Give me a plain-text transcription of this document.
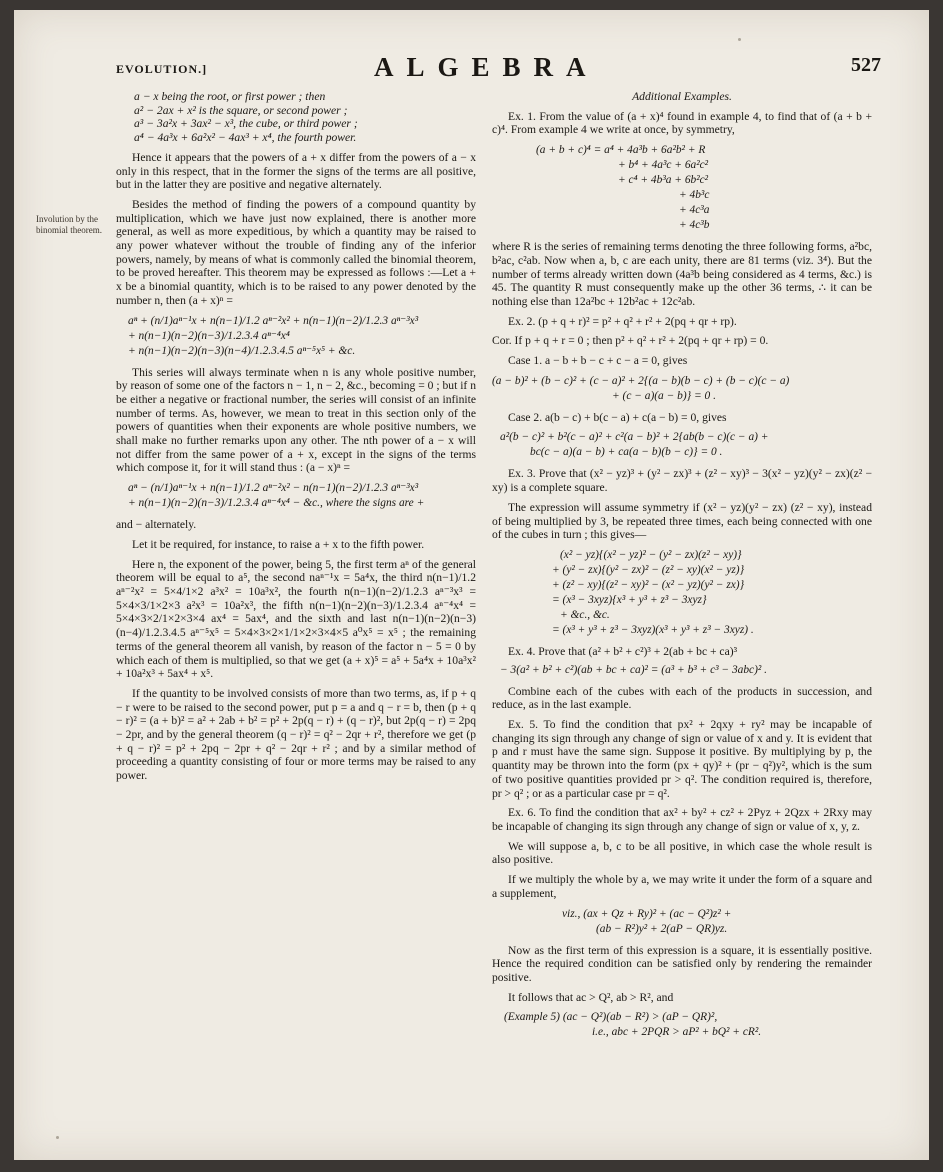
EVOLUTION.]	ALGEBRA	527
Involution by the binomial theorem.
a − x being the root, or first power ; then
a² − 2ax + x² is the square, or second power ;
a³ − 3a²x + 3ax² − x³, the cube, or third power ;
a⁴ − 4a³x + 6a²x² − 4ax³ + x⁴, the fourth power.

Hence it appears that the powers of a + x differ from the powers of a − x only in this respect, that in the former the signs of the terms are all positive, but in the latter they are positive and negative alternately.

Besides the method of finding the powers of a compound quantity by multiplication, which we have just now explained, there is another more general, as well as more expeditious, by which a quantity may be raised to any power whatever without the trouble of finding any of the inferior powers, namely, by means of what is commonly called the binomial theorem, to be proved hereafter. This theorem may be expressed as follows :—Let a + x be a binomial quantity, which is to be raised to any power denoted by the number n, then (a + x)ⁿ =

aⁿ + (n/1)aⁿ⁻¹x + n(n−1)/1.2 aⁿ⁻²x² + n(n−1)(n−2)/1.2.3 aⁿ⁻³x³
+ n(n−1)(n−2)(n−3)/1.2.3.4 aⁿ⁻⁴x⁴
+ n(n−1)(n−2)(n−3)(n−4)/1.2.3.4.5 aⁿ⁻⁵x⁵ + &c.

This series will always terminate when n is any whole positive number, by reason of some one of the factors n − 1, n − 2, &c., becoming = 0 ; but if n be either a negative or fractional number, the series will consist of an infinite number of terms. As, however, we mean to treat in this section only of the powers of quantities when their exponents are whole positive numbers, we shall make no further remarks upon any other. The nth power of a − x will not differ from the same power of a + x, except in the signs of the terms which compose it, for it will stand thus : (a − x)ⁿ =

aⁿ − (n/1)aⁿ⁻¹x + n(n−1)/1.2 aⁿ⁻²x² − n(n−1)(n−2)/1.2.3 aⁿ⁻³x³
+ n(n−1)(n−2)(n−3)/1.2.3.4 aⁿ⁻⁴x⁴ − &c., where the signs are +

and − alternately.

Let it be required, for instance, to raise a + x to the fifth power.

Here n, the exponent of the power, being 5, the first term aⁿ of the general theorem will be equal to a⁵, the second naⁿ⁻¹x = 5a⁴x, the third n(n−1)/1.2 aⁿ⁻²x² = 5×4/1×2 a³x² = 10a³x², the fourth n(n−1)(n−2)/1.2.3 aⁿ⁻³x³ = 5×4×3/1×2×3 a²x³ = 10a²x³, the fifth n(n−1)(n−2)(n−3)/1.2.3.4 aⁿ⁻⁴x⁴ = 5×4×3×2/1×2×3×4 ax⁴ = 5ax⁴, and the sixth and last n(n−1)(n−2)(n−3)(n−4)/1.2.3.4.5 aⁿ⁻⁵x⁵ = 5×4×3×2×1/1×2×3×4×5 a⁰x⁵ = x⁵ ; the remaining terms of the general theorem all vanish, by reason of the factor n − 5 = 0 by which each of them is multiplied, so that we get (a + x)⁵ = a⁵ + 5a⁴x + 10a³x² + 10a²x³ + 5ax⁴ + x⁵.

If the quantity to be involved consists of more than two terms, as, if p + q − r were to be raised to the second power, put p = a and q − r = b, then (p + q − r)² = (a + b)² = a² + 2ab + b² = p² + 2p(q − r) + (q − r)², but 2p(q − r) = 2pq − 2pr, and by the general theorem (q − r)² = q² − 2qr + r², therefore we get (p + q − r)² = p² + 2pq − 2pr + q² − 2qr + r² ; and by a similar method of proceeding a quantity consisting of four or more terms may be raised to any power.

Additional Examples.

Ex. 1. From the value of (a + x)⁴ found in example 4, to find that of (a + b + c)⁴. From example 4 we write at once, by symmetry,

(a + b + c)⁴ = a⁴ + 4a³b + 6a²b² + R
+ b⁴ + 4a³c + 6a²c²
+ c⁴ + 4b³a + 6b²c²
+ 4b³c
+ 4c³a
+ 4c³b

where R is the series of remaining terms denoting the three following forms, a²bc, b²ac, c²ab. Now when a, b, c are each unity, there are 81 terms (viz. 3⁴). But the number of terms already written down (4a³b being considered as 4 terms, &c.) is 45. The quantity R must consequently make up the other 36 terms, ∴ it can be nothing else than 12a²bc + 12b²ac + 12c²ab.

Ex. 2. (p + q + r)² = p² + q² + r² + 2(pq + qr + rp).

Cor. If p + q + r = 0 ; then p² + q² + r² + 2(pq + qr + rp) = 0.

Case 1. a − b + b − c + c − a = 0, gives

(a − b)² + (b − c)² + (c − a)² + 2{(a − b)(b − c) + (b − c)(c − a)
+ (c − a)(a − b)} = 0 .

Case 2. a(b − c) + b(c − a) + c(a − b) = 0, gives

a²(b − c)² + b²(c − a)² + c²(a − b)² + 2{ab(b − c)(c − a) +
bc(c − a)(a − b) + ca(a − b)(b − c)} = 0 .

Ex. 3. Prove that (x² − yz)³ + (y² − zx)³ + (z² − xy)³ − 3(x² − yz)(y² − zx)(z² − xy) is a complete square.

The expression will assume symmetry if (x² − yz)(y² − zx) (z² − xy), instead of being multiplied by 3, be repeated three times, each being connected with one of the cubes in turn ; this gives—

(x² − yz){(x² − yz)² − (y² − zx)(z² − xy)}
+ (y² − zx){(y² − zx)² − (z² − xy)(x² − yz)}
+ (z² − xy){(z² − xy)² − (x² − yz)(y² − zx)}
= (x³ − 3xyz){x³ + y³ + z³ − 3xyz}
+ &c., &c.
= (x³ + y³ + z³ − 3xyz)(x³ + y³ + z³ − 3xyz) .

Ex. 4. Prove that (a² + b² + c²)³ + 2(ab + bc + ca)³

− 3(a² + b² + c²)(ab + bc + ca)² = (a³ + b³ + c³ − 3abc)² .

Combine each of the cubes with each of the products in succession, and reduce, as in the last example.

Ex. 5. To find the condition that px² + 2qxy + ry² may be incapable of changing its sign through any change of sign or value of x and y. It is evident that p and r must have the same sign. Suppose it positive. By multiplying by p, the quantity may be thrown into the form (px + qy)² + (pr − q²)y², which is the sum of two positive quantities provided pr > q². The condition required is, therefore, pr > q² ; or as a particular case pr = q².

Ex. 6. To find the condition that ax² + by² + cz² + 2Pyz + 2Qzx + 2Rxy may be incapable of changing its sign through any change of sign or value of x, y, z.

We will suppose a, b, c to be all positive, in which case the whole result is also positive.

If we multiply the whole by a, we may write it under the form of a square and a supplement,

viz., (ax + Qz + Ry)² + (ac − Q²)z² +
(ab − R²)y² + 2(aP − QR)yz.

Now as the first term of this expression is a square, it is essentially positive. Hence the required condition can be satisfied only by rendering the remainder positive.

It follows that ac > Q², ab > R², and

(Example 5) (ac − Q²)(ab − R²) > (aP − QR)²,
i.e., abc + 2PQR > aP² + bQ² + cR².
